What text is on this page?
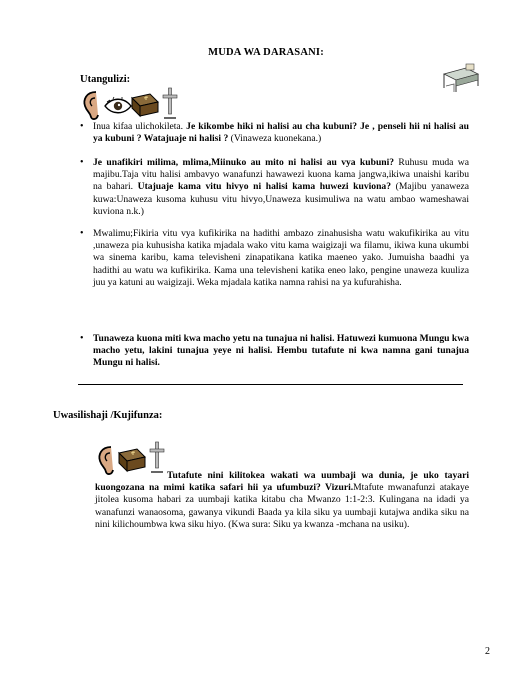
MUDA WA DARASANI:
Utangulizi:
• Inua kifaa ulichokileta. Je kikombe hiki ni halisi au cha kubuni? Je , penseli hii ni halisi au ya kubuni ? Watajuaje ni halisi ? (Vinaweza kuonekana.)
• Je unafikiri milima, mlima,Miinuko au mito ni halisi au vya kubuni? Ruhusu muda wa majibu.Taja vitu halisi ambavyo wanafunzi hawawezi kuona kama jangwa,ikiwa unaishi karibu na bahari. Utajuaje kama vitu hivyo ni halisi kama huwezi kuviona? (Majibu yanaweza kuwa:Unaweza kusoma kuhusu vitu hivyo,Unaweza kusimuliwa na watu ambao wameshawai kuviona n.k.)
• Mwalimu;Fikiria vitu vya kufikirika na hadithi ambazo zinahusisha watu wakufikirika au vitu ,unaweza pia kuhusisha katika mjadala wako vitu kama waigizaji wa filamu, ikiwa kuna ukumbi wa sinema karibu, kama televisheni zinapatikana katika maeneo yako. Jumuisha baadhi ya hadithi au watu wa kufikirika. Kama una televisheni katika eneo lako, pengine unaweza kuuliza juu ya katuni au waigizaji. Weka mjadala katika namna rahisi na ya kufurahisha.
• Tunaweza kuona miti kwa macho yetu na tunajua ni halisi. Hatuwezi kumuona Mungu kwa macho yetu, lakini tunajua yeye ni halisi. Hembu tutafute ni kwa namna gani tunajua Mungu ni halisi.
Uwasilishaji /Kujifunza:
Tutafute nini kilitokea wakati wa uumbaji wa dunia, je uko tayari kuongozana na mimi katika safari hii ya ufumbuzi? Vizuri.Mtafute mwanafunzi atakaye jitolea kusoma habari za uumbaji katika kitabu cha Mwanzo 1:1-2:3. Kulingana na idadi ya wanafunzi wanaosoma, gawanya vikundi Baada ya kila siku ya uumbaji kutajwa andika siku na nini kilichoumbwa kwa siku hiyo. (Kwa sura: Siku ya kwanza -mchana na usiku).
2
